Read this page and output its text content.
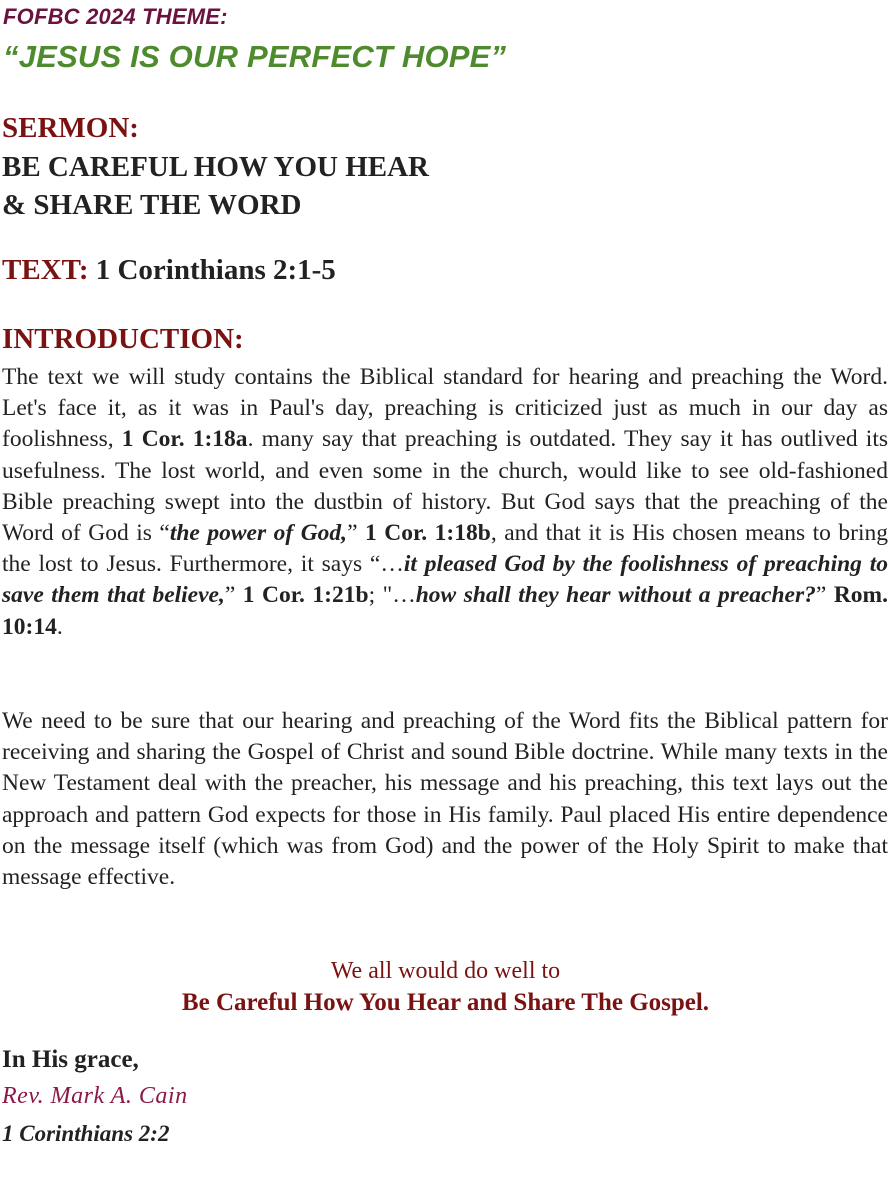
FOFBC 2024 THEME:
“JESUS IS OUR PERFECT HOPE”
SERMON:
BE CAREFUL HOW YOU HEAR
& SHARE THE WORD
TEXT: 1 Corinthians 2:1-5
INTRODUCTION:
The text we will study contains the Biblical standard for hearing and preaching the Word. Let's face it, as it was in Paul's day, preaching is criticized just as much in our day as foolishness, 1 Cor. 1:18a. many say that preaching is outdated. They say it has outlived its usefulness. The lost world, and even some in the church, would like to see old-fashioned Bible preaching swept into the dustbin of history. But God says that the preaching of the Word of God is “the power of God,” 1 Cor. 1:18b, and that it is His chosen means to bring the lost to Jesus. Furthermore, it says “…it pleased God by the foolishness of preaching to save them that believe,” 1 Cor. 1:21b; "…how shall they hear without a preacher?” Rom. 10:14.
We need to be sure that our hearing and preaching of the Word fits the Biblical pattern for receiving and sharing the Gospel of Christ and sound Bible doctrine. While many texts in the New Testament deal with the preacher, his message and his preaching, this text lays out the approach and pattern God expects for those in His family. Paul placed His entire dependence on the message itself (which was from God) and the power of the Holy Spirit to make that message effective.
We all would do well to
Be Careful How You Hear and Share The Gospel.
In His grace,
Rev. Mark A. Cain
1 Corinthians 2:2
